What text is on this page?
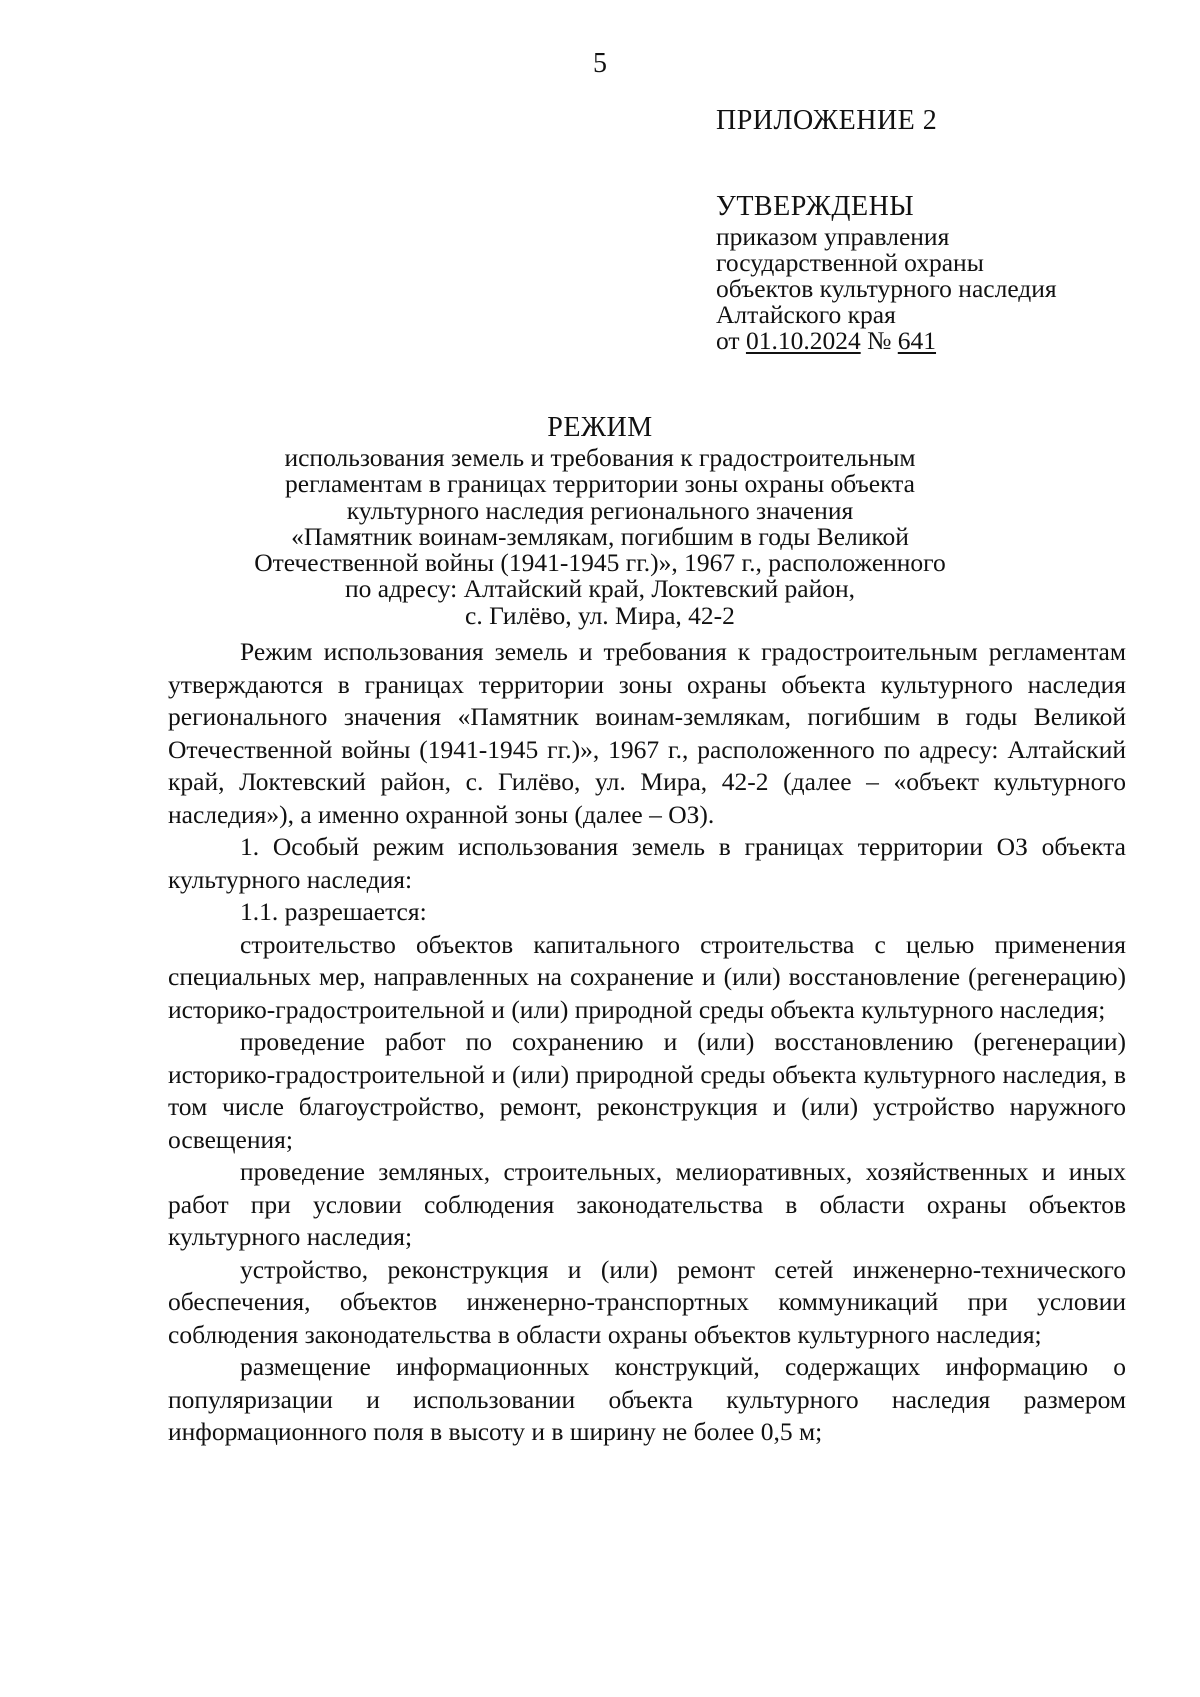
5

ПРИЛОЖЕНИЕ 2

УТВЕРЖДЕНЫ

приказом управления

государственной охраны

объектов культурного наследия

Алтайского края

от 01.10.2024 № 641

РЕЖИМ

использования земель и требования к градостроительным

регламентам в границах территории зоны охраны объекта

культурного наследия регионального значения

«Памятник воинам-землякам, погибшим в годы Великой

Отечественной войны (1941-1945 гг.)», 1967 г., расположенного

по адресу: Алтайский край, Локтевский район,

с. Гилёво, ул. Мира, 42-2

Режим использования земель и требования к градостроительным регламентам утверждаются в границах территории зоны охраны объекта культурного наследия регионального значения «Памятник воинам-землякам, погибшим в годы Великой Отечественной войны (1941-1945 гг.)», 1967 г., расположенного по адресу: Алтайский край, Локтевский район, с. Гилёво, ул. Мира, 42-2 (далее – «объект культурного наследия»), а именно охранной зоны (далее – ОЗ).

1. Особый режим использования земель в границах территории ОЗ объекта культурного наследия:

1.1. разрешается:

строительство объектов капитального строительства с целью применения специальных мер, направленных на сохранение и (или) восстановление (регенерацию) историко-градостроительной и (или) природной среды объекта культурного наследия;

проведение работ по сохранению и (или) восстановлению (регенерации) историко-градостроительной и (или) природной среды объекта культурного наследия, в том числе благоустройство, ремонт, реконструкция и (или) устройство наружного освещения;

проведение земляных, строительных, мелиоративных, хозяйственных и иных работ при условии соблюдения законодательства в области охраны объектов культурного наследия;

устройство, реконструкция и (или) ремонт сетей инженерно-технического обеспечения, объектов инженерно-транспортных коммуникаций при условии соблюдения законодательства в области охраны объектов культурного наследия;

размещение информационных конструкций, содержащих информацию о популяризации и использовании объекта культурного наследия размером информационного поля в высоту и в ширину не более 0,5 м;
